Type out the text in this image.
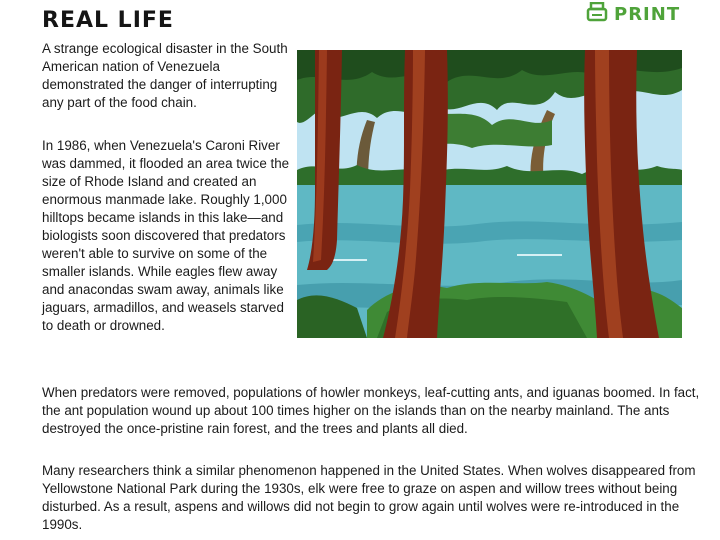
REAL LIFE	PRINT

A strange ecological disaster in the South American nation of Venezuela demonstrated the danger of interrupting any part of the food chain.

In 1986, when Venezuela's Caroni River was dammed, it flooded an area twice the size of Rhode Island and created an enormous manmade lake. Roughly 1,000 hilltops became islands in this lake—and biologists soon discovered that predators weren't able to survive on some of the smaller islands. While eagles flew away and anacondas swam away, animals like jaguars, armadillos, and weasels starved to death or drowned.

When predators were removed, populations of howler monkeys, leaf-cutting ants, and iguanas boomed. In fact, the ant population wound up about 100 times higher on the islands than on the nearby mainland. The ants destroyed the once-pristine rain forest, and the trees and plants all died.

Many researchers think a similar phenomenon happened in the United States. When wolves disappeared from Yellowstone National Park during the 1930s, elk were free to graze on aspen and willow trees without being disturbed. As a result, aspens and willows did not begin to grow again until wolves were re-introduced in the 1990s.
